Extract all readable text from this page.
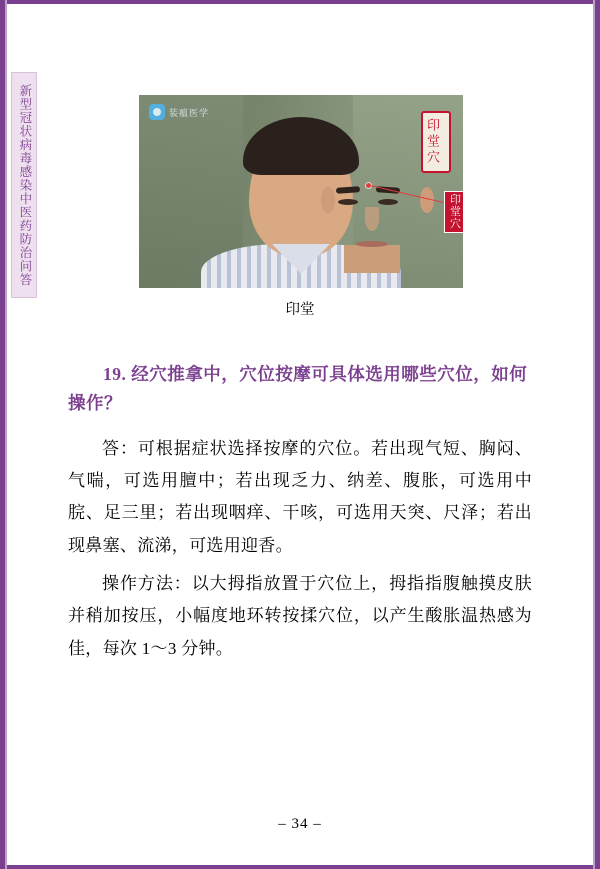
新型冠状病毒感染中医药防治问答	印堂穴
印堂穴
装瘟医学
印堂

19. 经穴推拿中，穴位按摩可具体选用哪些穴位，如何操作？

答：可根据症状选择按摩的穴位。若出现气短、胸闷、气喘，可选用膻中；若出现乏力、纳差、腹胀，可选用中脘、足三里；若出现咽痒、干咳，可选用天突、尺泽；若出现鼻塞、流涕，可选用迎香。

操作方法：以大拇指放置于穴位上，拇指指腹触摸皮肤并稍加按压，小幅度地环转按揉穴位，以产生酸胀温热感为佳，每次 1～3 分钟。

– 34 –
